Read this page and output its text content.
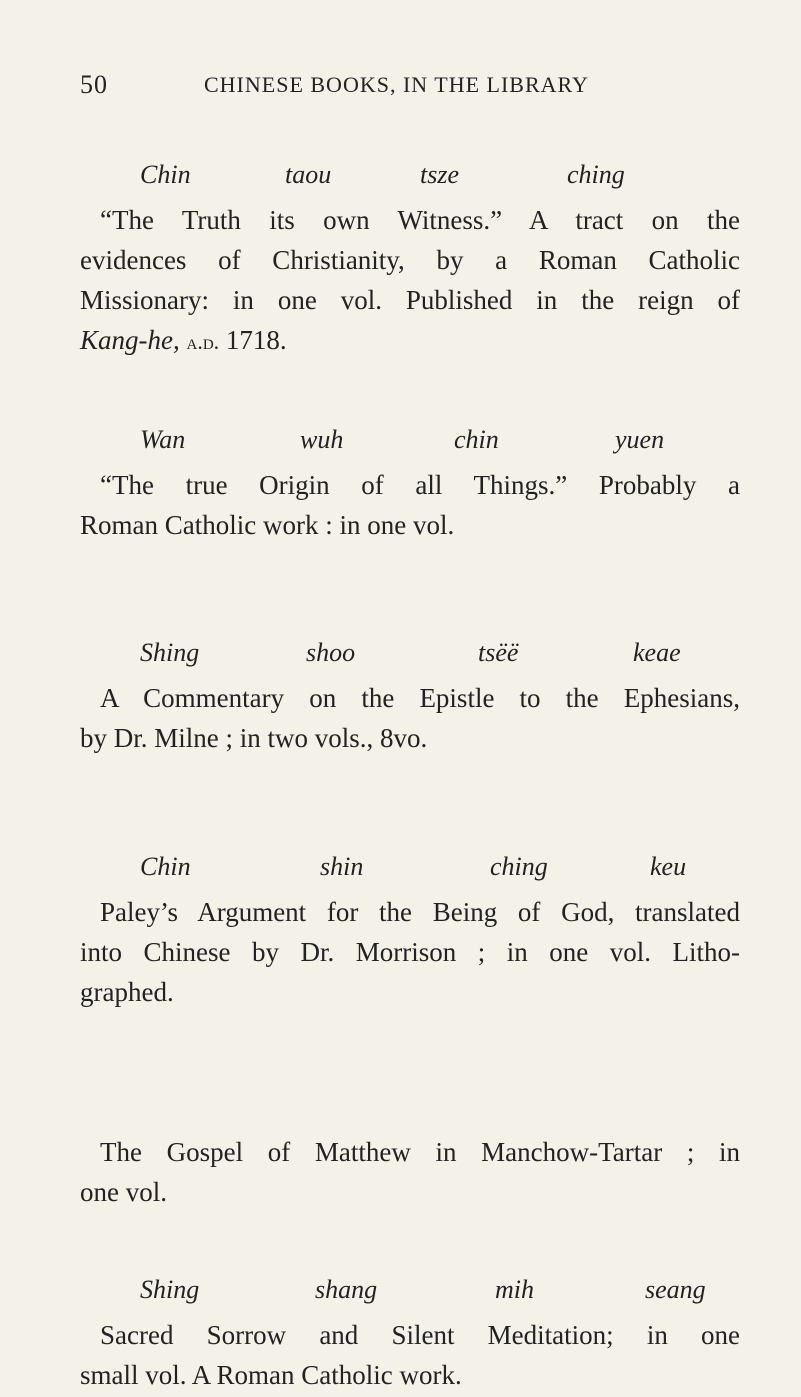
50	CHINESE BOOKS, IN THE LIBRARY
Chin	taou	tsze	ching
“The Truth its own Witness.” A tract on the
evidences of Christianity, by a Roman Catholic
Missionary: in one vol. Published in the reign of
Kang-he, a.d. 1718.
Wan	wuh	chin	yuen
“The true Origin of all Things.” Probably a
Roman Catholic work : in one vol.
Shing	shoo	tsëë	keae
A Commentary on the Epistle to the Ephesians,
by Dr. Milne ; in two vols., 8vo.
Chin	shin	ching	keu
Paley’s Argument for the Being of God, translated
into Chinese by Dr. Morrison ; in one vol. Litho-
graphed.
The Gospel of Matthew in Manchow-Tartar ; in
one vol.
Shing	shang	mih	seang
Sacred Sorrow and Silent Meditation; in one
small vol. A Roman Catholic work.
